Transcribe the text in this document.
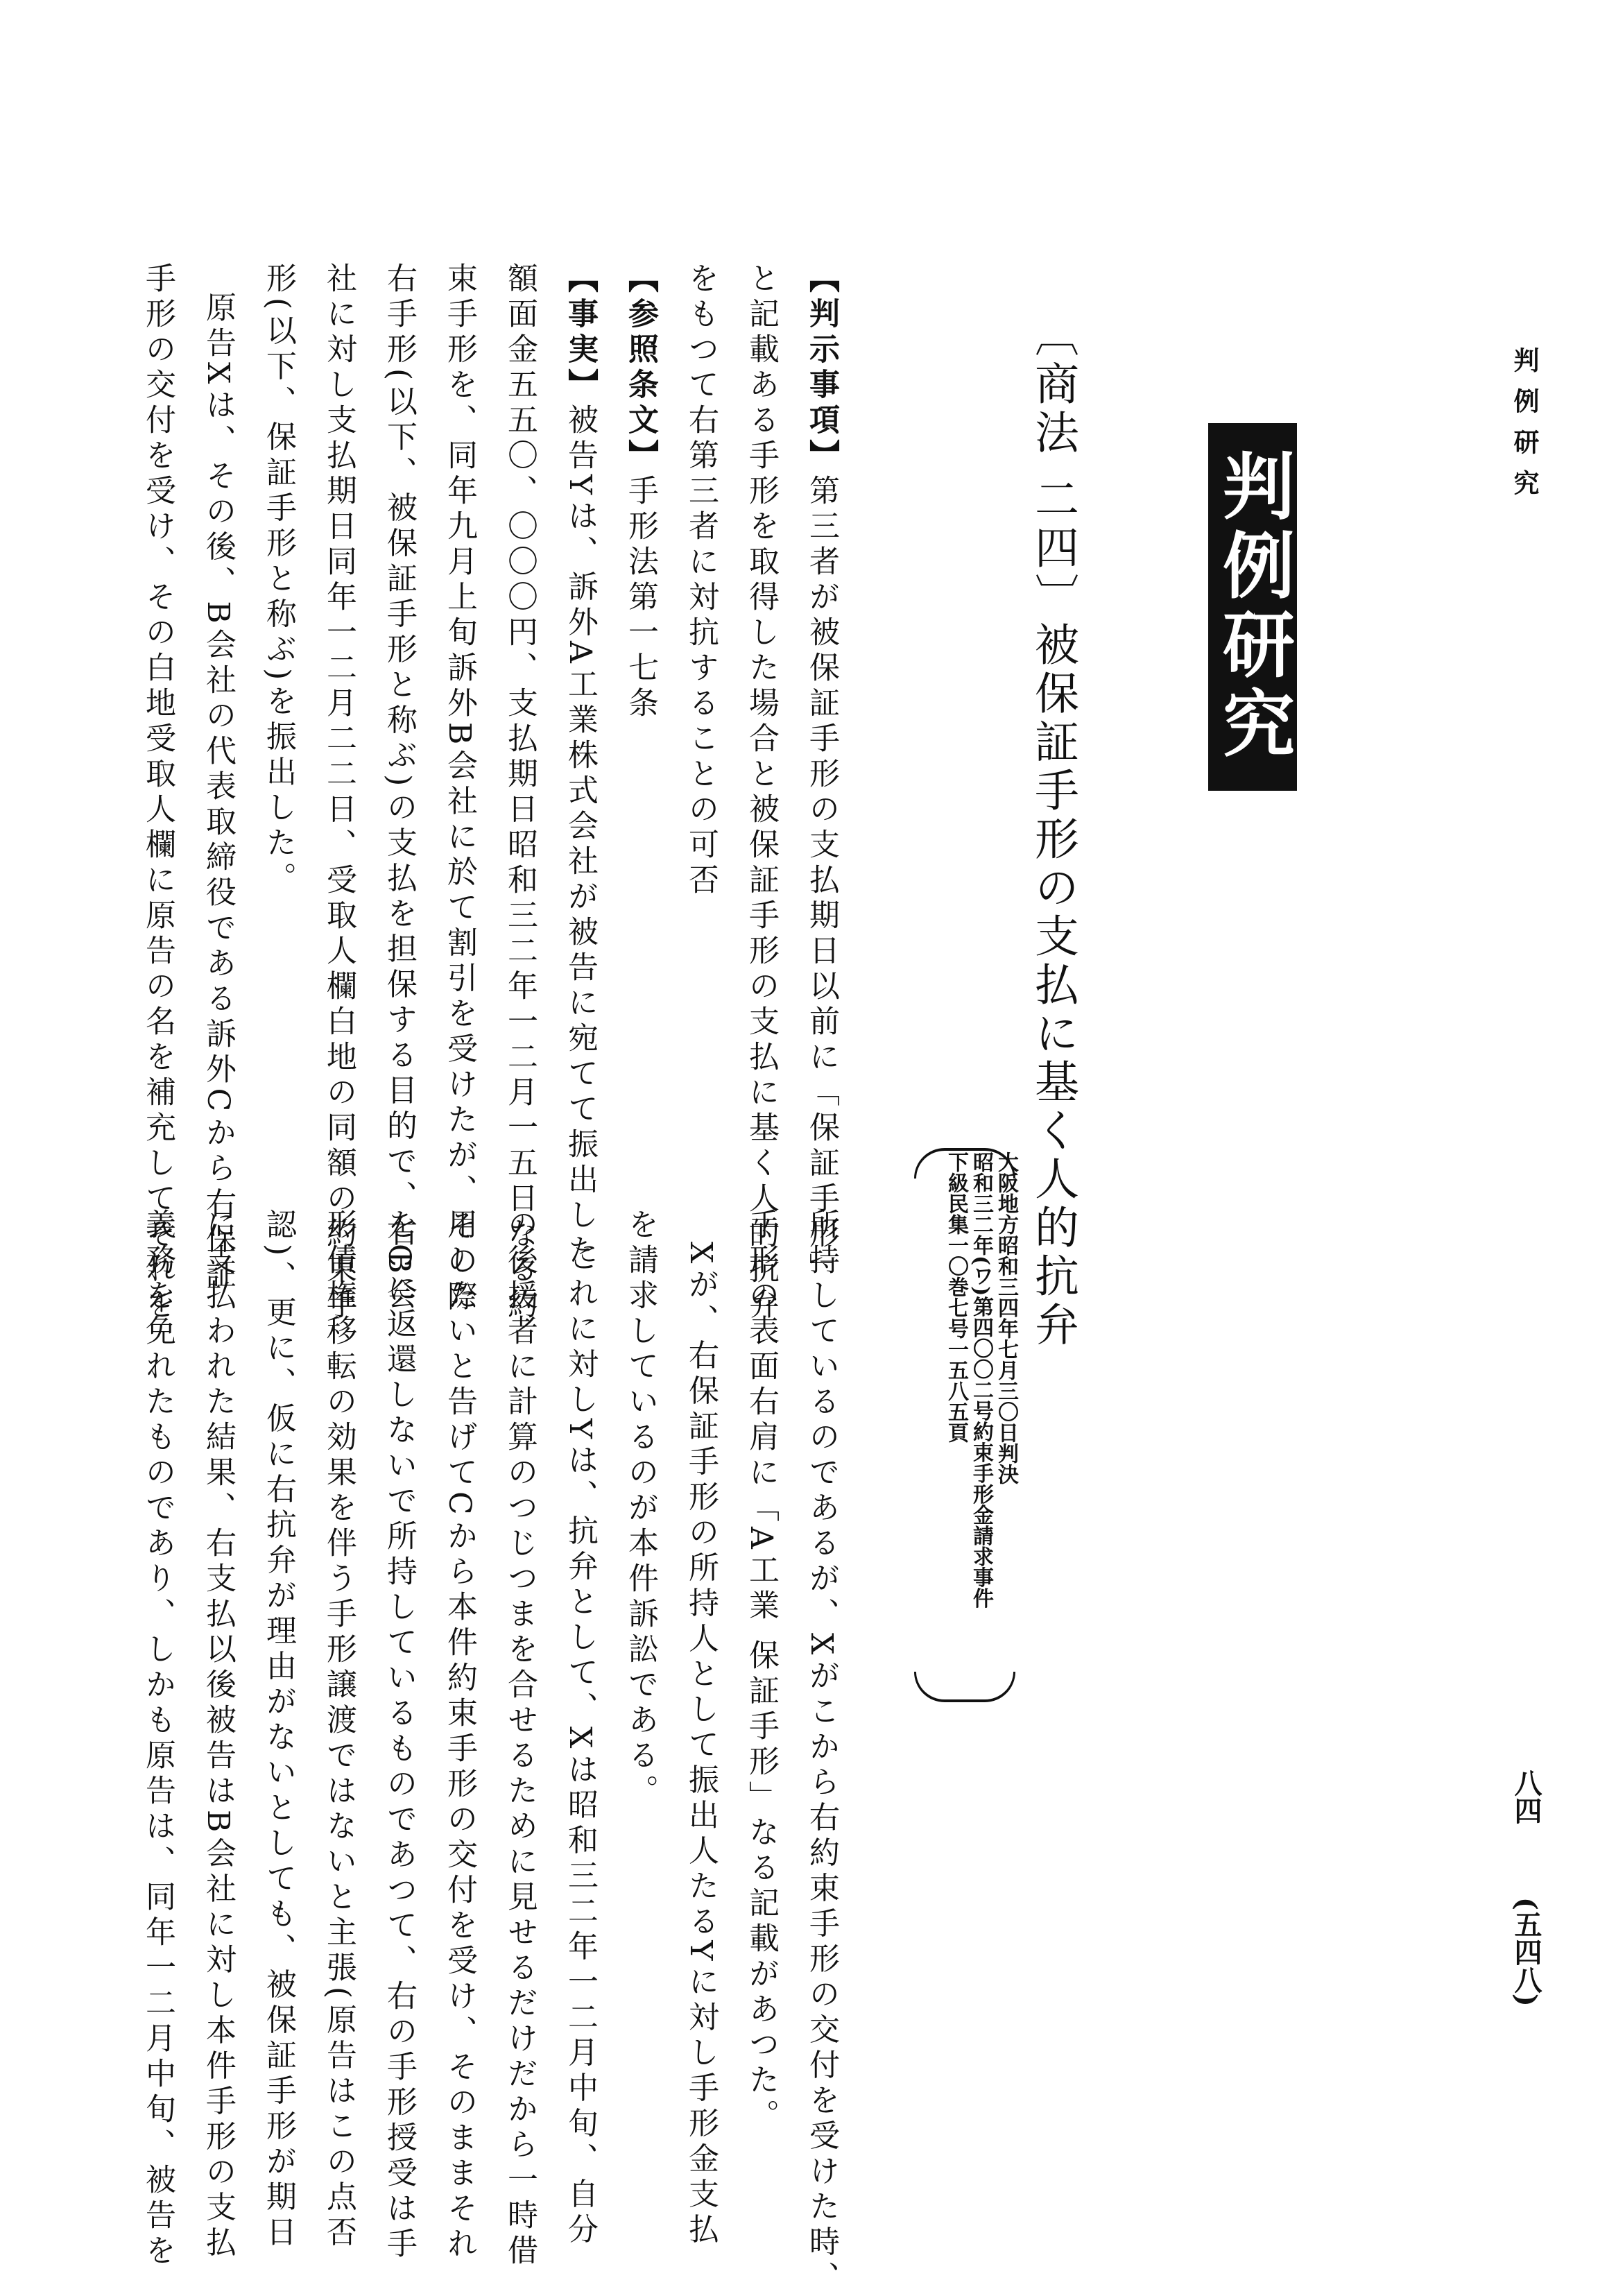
判例研究
八四
(五四八)
判例研究
〔商法 二四〕被保証手形の支払に基く人的抗弁
大阪地方昭和三四年七月三〇日判決
昭和三二年(ワ)第四〇〇二号約束手形金請求事件
下級民集一〇巻七号一五八五頁
所持しているのであるが、Xがこから右約束手形の交付を受けた時、
手形の表面右肩に「A工業 保証手形」なる記載があつた。
Xが、右保証手形の所持人として振出人たるYに対し手形金支払
を請求しているのが本件訴訟である。
これに対しYは、抗弁として、Xは昭和三二年一二月中旬、自分
の後援者に計算のつじつまを合せるために見せるだけだから一時借
用したいと告げてCから本件約束手形の交付を受け、そのままそれ
をCに返還しないで所持しているものであつて、右の手形授受は手
形債権移転の効果を伴う手形譲渡ではないと主張(原告はこの点否
認)、更に、仮に右抗弁が理由がないとしても、被保証手形が期日
に支払われた結果、右支払以後被告はB会社に対し本件手形の支払
義務を免れたものであり、しかも原告は、同年一二月中旬、被告を
【判示事項】第三者が被保証手形の支払期日以前に「保証手形」
と記載ある手形を取得した場合と被保証手形の支払に基く人的抗弁
をもつて右第三者に対抗することの可否
【参照条文】手形法第一七条
【事実】被告Yは、訴外A工業株式会社が被告に宛てて振出した
額面金五五〇、〇〇〇円、支払期日昭和三二年一二月一五日なる約
束手形を、同年九月上旬訴外B会社に於て割引を受けたが、その際
右手形(以下、被保証手形と称ぶ)の支払を担保する目的で、右B会
社に対し支払期日同年一二月二二日、受取人欄白地の同額の約束手
形(以下、保証手形と称ぶ)を振出した。
原告Xは、その後、B会社の代表取締役である訴外Cから右保証
手形の交付を受け、その白地受取人欄に原告の名を補充してそれを
